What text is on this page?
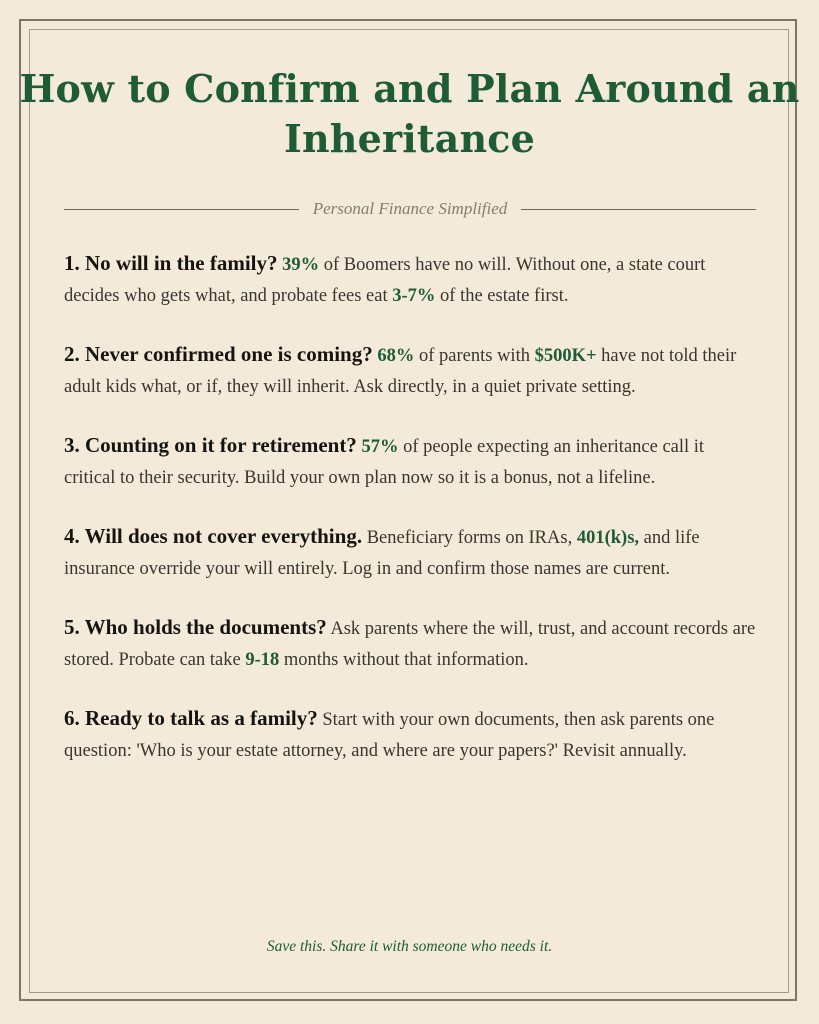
How to Confirm and Plan Around an Inheritance
Personal Finance Simplified

1. No will in the family? 39% of Boomers have no will. Without one, a state court decides who gets what, and probate fees eat 3-7% of the estate first.

2. Never confirmed one is coming? 68% of parents with $500K+ have not told their adult kids what, or if, they will inherit. Ask directly, in a quiet private setting.

3. Counting on it for retirement? 57% of people expecting an inheritance call it critical to their security. Build your own plan now so it is a bonus, not a lifeline.

4. Will does not cover everything. Beneficiary forms on IRAs, 401(k)s, and life insurance override your will entirely. Log in and confirm those names are current.

5. Who holds the documents? Ask parents where the will, trust, and account records are stored. Probate can take 9-18 months without that information.

6. Ready to talk as a family? Start with your own documents, then ask parents one question: 'Who is your estate attorney, and where are your papers?' Revisit annually.

Save this. Share it with someone who needs it.
